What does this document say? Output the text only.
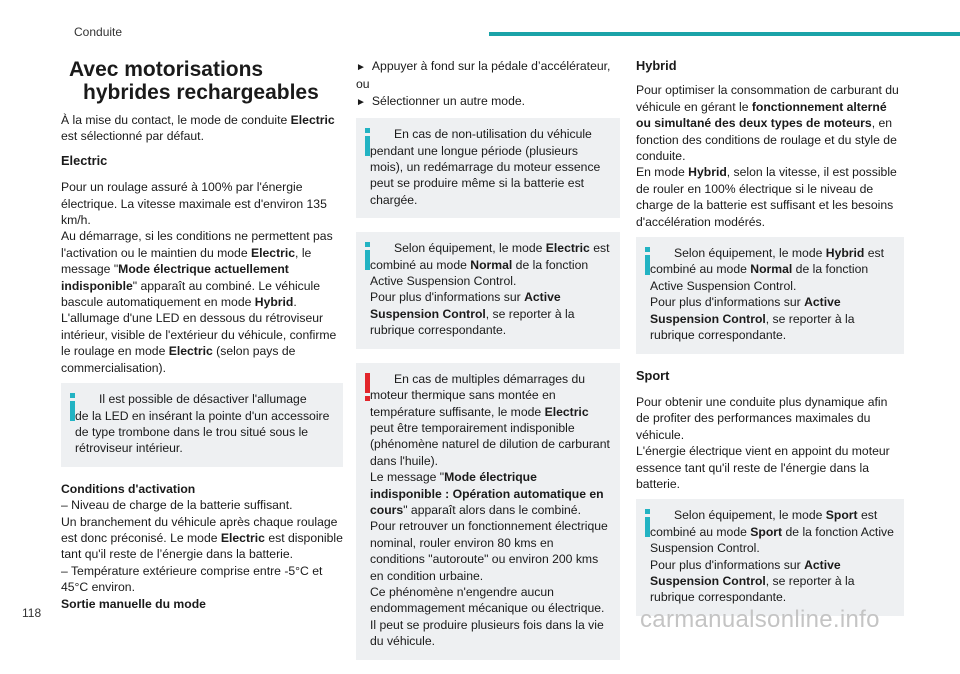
Conduite
Avec motorisations hybrides rechargeables

À la mise du contact, le mode de conduite Electric est sélectionné par défaut.

Electric

Pour un roulage assuré à 100% par l'énergie électrique. La vitesse maximale est d'environ 135 km/h.

Au démarrage, si les conditions ne permettent pas l'activation ou le maintien du mode Electric, le message "Mode électrique actuellement indisponible" apparaît au combiné. Le véhicule bascule automatiquement en mode Hybrid.

L'allumage d'une LED en dessous du rétroviseur intérieur, visible de l'extérieur du véhicule, confirme le roulage en mode Electric (selon pays de commercialisation).

Il est possible de désactiver l'allumage
de la LED en insérant la pointe d'un accessoire de type trombone dans le trou situé sous le rétroviseur intérieur.

Conditions d'activation

– Niveau de charge de la batterie suffisant.

Un branchement du véhicule après chaque roulage est donc préconisé. Le mode Electric est disponible tant qu'il reste de l’énergie dans la batterie.

– Température extérieure comprise entre -5°C et 45°C environ.

Sortie manuelle du mode

► Appuyer à fond sur la pédale d’accélérateur,

ou

► Sélectionner un autre mode.

En cas de non-utilisation du véhicule
pendant une longue période (plusieurs mois), un redémarrage du moteur essence peut se produire même si la batterie est chargée.
Selon équipement, le mode Electric est
combiné au mode Normal de la fonction Active Suspension Control.
Pour plus d'informations sur Active Suspension Control, se reporter à la rubrique correspondante.
En cas de multiples démarrages du
moteur thermique sans montée en température suffisante, le mode Electric peut être temporairement indisponible (phénomène naturel de dilution de carburant dans l'huile).
Le message "Mode électrique indisponible : Opération automatique en cours" apparaît alors dans le combiné.
Pour retrouver un fonctionnement électrique nominal, rouler environ 80 kms en conditions "autoroute" ou environ 200 kms en condition urbaine.
Ce phénomène n'engendre aucun endommagement mécanique ou électrique. Il peut se produire plusieurs fois dans la vie du véhicule.
Hybrid

Pour optimiser la consommation de carburant du véhicule en gérant le fonctionnement alterné ou simultané des deux types de moteurs, en fonction des conditions de roulage et du style de conduite.

En mode Hybrid, selon la vitesse, il est possible de rouler en 100% électrique si le niveau de charge de la batterie est suffisant et les besoins d'accélération modérés.

Selon équipement, le mode Hybrid est
combiné au mode Normal de la fonction Active Suspension Control.
Pour plus d'informations sur Active Suspension Control, se reporter à la rubrique correspondante.
Sport

Pour obtenir une conduite plus dynamique afin de profiter des performances maximales du véhicule.

L'énergie électrique vient en appoint du moteur essence tant qu'il reste de l'énergie dans la batterie.

Selon équipement, le mode Sport est
combiné au mode Sport de la fonction Active Suspension Control.
Pour plus d'informations sur Active Suspension Control, se reporter à la rubrique correspondante.
118	carmanualsonline.info
